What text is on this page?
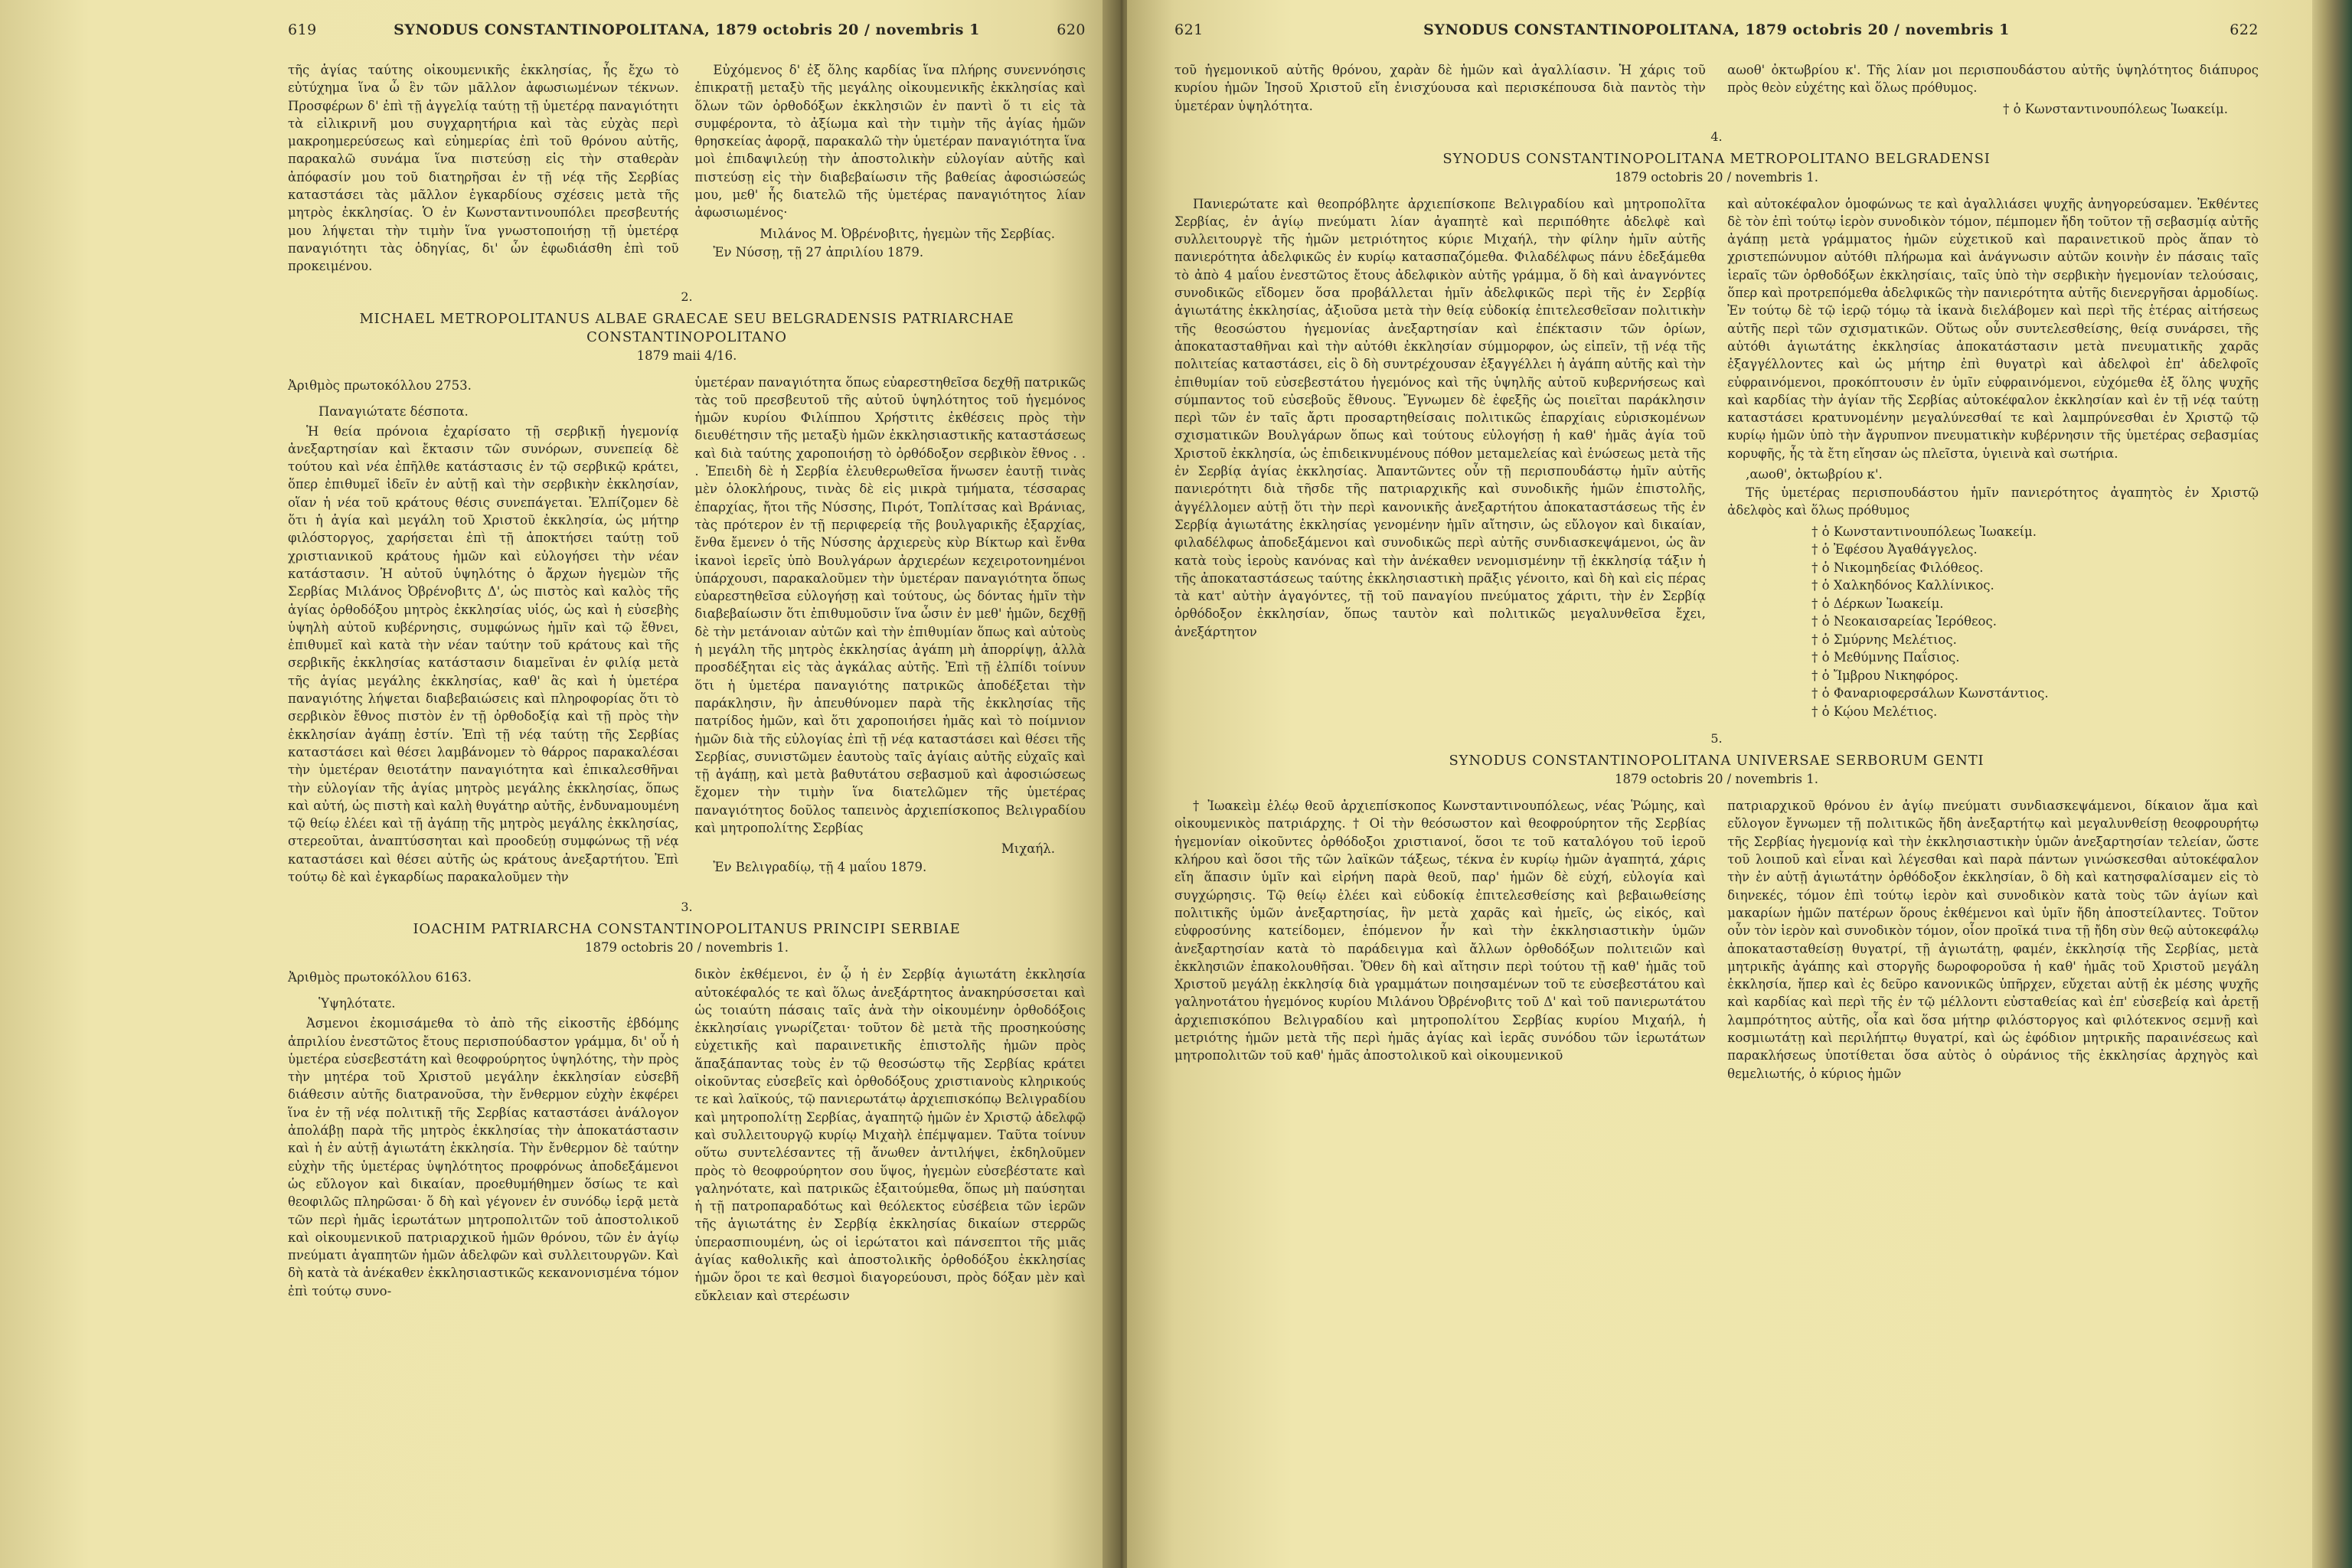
619	SYNODUS CONSTANTINOPOLITANA, 1879 octobris 20 / novembris 1	620

τῆς ἁγίας ταύτης οἰκουμενικῆς ἐκκλησίας, ἧς ἔχω τὸ εὐτύχημα ἵνα ὦ ἓν τῶν μᾶλλον ἀφωσιωμένων τέκνων. Προσφέρων δ' ἐπὶ τῇ ἀγγελίᾳ ταύτῃ τῇ ὑμετέρᾳ παναγιότητι τὰ εἰλικρινῆ μου συγχαρητήρια καὶ τὰς εὐχὰς περὶ μακροημερεύσεως καὶ εὐημερίας ἐπὶ τοῦ θρόνου αὐτῆς, παρακαλῶ συνάμα ἵνα πιστεύσῃ εἰς τὴν σταθερὰν ἀπόφασίν μου τοῦ διατηρῆσαι ἐν τῇ νέᾳ τῆς Σερβίας καταστάσει τὰς μᾶλλον ἐγκαρδίους σχέσεις μετὰ τῆς μητρὸς ἐκκλησίας. Ὁ ἐν Κωνσταντινουπόλει πρεσβευτής μου λήψεται τὴν τιμὴν ἵνα γνωστοποιήσῃ τῇ ὑμετέρᾳ παναγιότητι τὰς ὁδηγίας, δι' ὧν ἐφωδιάσθη ἐπὶ τοῦ προκειμένου.

Εὐχόμενος δ' ἐξ ὅλης καρδίας ἵνα πλήρης συνεννόησις ἐπικρατῇ μεταξὺ τῆς μεγάλης οἰκουμενικῆς ἐκκλησίας καὶ ὅλων τῶν ὀρθοδόξων ἐκκλησιῶν ἐν παντὶ ὅ τι εἰς τὰ συμφέροντα, τὸ ἀξίωμα καὶ τὴν τιμὴν τῆς ἁγίας ἡμῶν θρησκείας ἀφορᾷ, παρακαλῶ τὴν ὑμετέραν παναγιότητα ἵνα μοὶ ἐπιδαψιλεύῃ τὴν ἀποστολικὴν εὐλογίαν αὐτῆς καὶ πιστεύσῃ εἰς τὴν διαβεβαίωσιν τῆς βαθείας ἀφοσιώσεώς μου, μεθ' ἧς διατελῶ τῆς ὑμετέρας παναγιότητος λίαν ἀφωσιωμένος·

Μιλάνος Μ. Ὀβρένοβιτς, ἡγεμὼν τῆς Σερβίας.

Ἐν Νύσσῃ, τῇ 27 ἀπριλίου 1879.

2.
MICHAEL METROPOLITANUS ALBAE GRAECAE SEU BELGRADENSIS PATRIARCHAE CONSTANTINOPOLITANO
1879 maii 4/16.

Ἀριθμὸς πρωτοκόλλου 2753.

Παναγιώτατε δέσποτα.

Ἡ θεία πρόνοια ἐχαρίσατο τῇ σερβικῇ ἡγεμονίᾳ ἀνεξαρτησίαν καὶ ἔκτασιν τῶν συνόρων, συνεπείᾳ δὲ τούτου καὶ νέα ἐπῆλθε κατάστασις ἐν τῷ σερβικῷ κράτει, ὅπερ ἐπιθυμεῖ ἰδεῖν ἐν αὐτῇ καὶ τὴν σερβικὴν ἐκκλησίαν, οἵαν ἡ νέα τοῦ κράτους θέσις συνεπάγεται. Ἐλπίζομεν δὲ ὅτι ἡ ἁγία καὶ μεγάλη τοῦ Χριστοῦ ἐκκλησία, ὡς μήτηρ φιλόστοργος, χαρήσεται ἐπὶ τῇ ἀποκτήσει ταύτῃ τοῦ χριστιανικοῦ κράτους ἡμῶν καὶ εὐλογήσει τὴν νέαν κατάστασιν. Ἡ αὐτοῦ ὑψηλότης ὁ ἄρχων ἡγεμὼν τῆς Σερβίας Μιλάνος Ὀβρένοβιτς Δ', ὡς πιστὸς καὶ καλὸς τῆς ἁγίας ὀρθοδόξου μητρὸς ἐκκλησίας υἱός, ὡς καὶ ἡ εὐσεβὴς ὑψηλὴ αὐτοῦ κυβέρνησις, συμφώνως ἡμῖν καὶ τῷ ἔθνει, ἐπιθυμεῖ καὶ κατὰ τὴν νέαν ταύτην τοῦ κράτους καὶ τῆς σερβικῆς ἐκκλησίας κατάστασιν διαμεῖναι ἐν φιλίᾳ μετὰ τῆς ἁγίας μεγάλης ἐκκλησίας, καθ' ἃς καὶ ἡ ὑμετέρα παναγιότης λήψεται διαβεβαιώσεις καὶ πληροφορίας ὅτι τὸ σερβικὸν ἔθνος πιστὸν ἐν τῇ ὀρθοδοξίᾳ καὶ τῇ πρὸς τὴν ἐκκλησίαν ἀγάπῃ ἐστίν. Ἐπὶ τῇ νέᾳ ταύτῃ τῆς Σερβίας καταστάσει καὶ θέσει λαμβάνομεν τὸ θάρρος παρακαλέσαι τὴν ὑμετέραν θειοτάτην παναγιότητα καὶ ἐπικαλεσθῆναι τὴν εὐλογίαν τῆς ἁγίας μητρὸς μεγάλης ἐκκλησίας, ὅπως καὶ αὐτή, ὡς πιστὴ καὶ καλὴ θυγάτηρ αὐτῆς, ἐνδυναμουμένη τῷ θείῳ ἐλέει καὶ τῇ ἀγάπῃ τῆς μητρὸς μεγάλης ἐκκλησίας, στερεοῦται, ἀναπτύσσηται καὶ προοδεύῃ συμφώνως τῇ νέᾳ καταστάσει καὶ θέσει αὐτῆς ὡς κράτους ἀνεξαρτήτου. Ἐπὶ τούτῳ δὲ καὶ ἐγκαρδίως παρακαλοῦμεν τὴν

ὑμετέραν παναγιότητα ὅπως εὐαρεστηθεῖσα δεχθῇ πατρικῶς τὰς τοῦ πρεσβευτοῦ τῆς αὐτοῦ ὑψηλότητος τοῦ ἡγεμόνος ἡμῶν κυρίου Φιλίππου Χρήστιτς ἐκθέσεις πρὸς τὴν διευθέτησιν τῆς μεταξὺ ἡμῶν ἐκκλησιαστικῆς καταστάσεως καὶ διὰ ταύτης χαροποιήσῃ τὸ ὀρθόδοξον σερβικὸν ἔθνος . . . Ἐπειδὴ δὲ ἡ Σερβία ἐλευθερωθεῖσα ἥνωσεν ἑαυτῇ τινὰς μὲν ὁλοκλήρους, τινὰς δὲ εἰς μικρὰ τμήματα, τέσσαρας ἐπαρχίας, ἤτοι τῆς Νύσσης, Πιρότ, Τοπλίτσας καὶ Βράνιας, τὰς πρότερον ἐν τῇ περιφερείᾳ τῆς βουλγαρικῆς ἐξαρχίας, ἔνθα ἔμενεν ὁ τῆς Νύσσης ἀρχιερεὺς κὺρ Βίκτωρ καὶ ἔνθα ἱκανοὶ ἱερεῖς ὑπὸ Βουλγάρων ἀρχιερέων κεχειροτονημένοι ὑπάρχουσι, παρακαλοῦμεν τὴν ὑμετέραν παναγιότητα ὅπως εὐαρεστηθεῖσα εὐλογήσῃ καὶ τούτους, ὡς δόντας ἡμῖν τὴν διαβεβαίωσιν ὅτι ἐπιθυμοῦσιν ἵνα ὦσιν ἐν μεθ' ἡμῶν, δεχθῇ δὲ τὴν μετάνοιαν αὐτῶν καὶ τὴν ἐπιθυμίαν ὅπως καὶ αὐτοὺς ἡ μεγάλη τῆς μητρὸς ἐκκλησίας ἀγάπη μὴ ἀπορρίψῃ, ἀλλὰ προσδέξηται εἰς τὰς ἀγκάλας αὐτῆς. Ἐπὶ τῇ ἐλπίδι τοίνυν ὅτι ἡ ὑμετέρα παναγιότης πατρικῶς ἀποδέξεται τὴν παράκλησιν, ἣν ἀπευθύνομεν παρὰ τῆς ἐκκλησίας τῆς πατρίδος ἡμῶν, καὶ ὅτι χαροποιήσει ἡμᾶς καὶ τὸ ποίμνιον ἡμῶν διὰ τῆς εὐλογίας ἐπὶ τῇ νέᾳ καταστάσει καὶ θέσει τῆς Σερβίας, συνιστῶμεν ἑαυτοὺς ταῖς ἁγίαις αὐτῆς εὐχαῖς καὶ τῇ ἀγάπῃ, καὶ μετὰ βαθυτάτου σεβασμοῦ καὶ ἀφοσιώσεως ἔχομεν τὴν τιμὴν ἵνα διατελῶμεν τῆς ὑμετέρας παναγιότητος δοῦλος ταπεινὸς ἀρχιεπίσκοπος Βελιγραδίου καὶ μητροπολίτης Σερβίας

Μιχαήλ.

Ἐν Βελιγραδίῳ, τῇ 4 μαΐου 1879.

3.
IOACHIM PATRIARCHA CONSTANTINOPOLITANUS PRINCIPI SERBIAE
1879 octobris 20 / novembris 1.

Ἀριθμὸς πρωτοκόλλου 6163.

Ὑψηλότατε.

Ἀσμενοι ἐκομισάμεθα τὸ ἀπὸ τῆς εἰκοστῆς ἑβδόμης ἀπριλίου ἐνεστῶτος ἔτους περισπούδαστον γράμμα, δι' οὗ ἡ ὑμετέρα εὐσεβεστάτη καὶ θεοφρούρητος ὑψηλότης, τὴν πρὸς τὴν μητέρα τοῦ Χριστοῦ μεγάλην ἐκκλησίαν εὐσεβῆ διάθεσιν αὐτῆς διατρανοῦσα, τὴν ἔνθερμον εὐχὴν ἐκφέρει ἵνα ἐν τῇ νέᾳ πολιτικῇ τῆς Σερβίας καταστάσει ἀνάλογον ἀπολάβῃ παρὰ τῆς μητρὸς ἐκκλησίας τὴν ἀποκατάστασιν καὶ ἡ ἐν αὐτῇ ἁγιωτάτη ἐκκλησία. Τὴν ἔνθερμον δὲ ταύτην εὐχὴν τῆς ὑμετέρας ὑψηλότητος προφρόνως ἀποδεξάμενοι ὡς εὔλογον καὶ δικαίαν, προεθυμήθημεν ὅσίως τε καὶ θεοφιλῶς πληρῶσαι· ὅ δὴ καὶ γέγονεν ἐν συνόδῳ ἱερᾷ μετὰ τῶν περὶ ἡμᾶς ἱερωτάτων μητροπολιτῶν τοῦ ἀποστολικοῦ καὶ οἰκουμενικοῦ πατριαρχικοῦ ἡμῶν θρόνου, τῶν ἐν ἁγίῳ πνεύματι ἀγαπητῶν ἡμῶν ἀδελφῶν καὶ συλλειτουργῶν. Καὶ δὴ κατὰ τὰ ἀνέκαθεν ἐκκλησιαστικῶς κεκανονισμένα τόμον ἐπὶ τούτῳ συνο-

δικὸν ἐκθέμενοι, ἐν ᾧ ἡ ἐν Σερβίᾳ ἁγιωτάτη ἐκκλησία αὐτοκέφαλός τε καὶ ὅλως ἀνεξάρτητος ἀνακηρύσσεται καὶ ὡς τοιαύτη πάσαις ταῖς ἀνὰ τὴν οἰκουμένην ὀρθοδόξοις ἐκκλησίαις γνωρίζεται· τοῦτον δὲ μετὰ τῆς προσηκούσης εὐχετικῆς καὶ παραινετικῆς ἐπιστολῆς ἡμῶν πρὸς ἅπαξάπαντας τοὺς ἐν τῷ θεοσώστῳ τῆς Σερβίας κράτει οἰκοῦντας εὐσεβεῖς καὶ ὀρθοδόξους χριστιανοὺς κληρικούς τε καὶ λαϊκούς, τῷ πανιερωτάτῳ ἀρχιεπισκόπῳ Βελιγραδίου καὶ μητροπολίτῃ Σερβίας, ἀγαπητῷ ἡμῶν ἐν Χριστῷ ἀδελφῷ καὶ συλλειτουργῷ κυρίῳ Μιχαὴλ ἐπέμψαμεν. Ταῦτα τοίνυν οὕτω συντελέσαντες τῇ ἄνωθεν ἀντιλήψει, ἐκδηλοῦμεν πρὸς τὸ θεοφρούρητον σου ὕψος, ἡγεμὼν εὐσεβέστατε καὶ γαληνότατε, καὶ πατρικῶς ἐξαιτούμεθα, ὅπως μὴ παύσηται ἡ τῇ πατροπαραδότως καὶ θεόλεκτος εὐσέβεια τῶν ἱερῶν τῆς ἁγιωτάτης ἐν Σερβίᾳ ἐκκλησίας δικαίων στερρῶς ὑπερασπιουμένη, ὡς οἱ ἱερώτατοι καὶ πάνσεπτοι τῆς μιᾶς ἁγίας καθολικῆς καὶ ἀποστολικῆς ὀρθοδόξου ἐκκλησίας ἡμῶν ὅροι τε καὶ θεσμοὶ διαγορεύουσι, πρὸς δόξαν μὲν καὶ εὔκλειαν καὶ στερέωσιν

621	SYNODUS CONSTANTINOPOLITANA, 1879 octobris 20 / novembris 1	622

τοῦ ἡγεμονικοῦ αὐτῆς θρόνου, χαρὰν δὲ ἡμῶν καὶ ἀγαλλίασιν. Ἡ χάρις τοῦ κυρίου ἡμῶν Ἰησοῦ Χριστοῦ εἴη ἐνισχύουσα καὶ περισκέπουσα διὰ παντὸς τὴν ὑμετέραν ὑψηλότητα.

αωοθ' ὀκτωβρίου κ'. Τῆς λίαν μοι περισπουδάστου αὐτῆς ὑψηλότητος διάπυρος πρὸς θεὸν εὐχέτης καὶ ὅλως πρόθυμος.

† ὁ Κωνσταντινουπόλεως Ἰωακείμ.

4.
SYNODUS CONSTANTINOPOLITANA METROPOLITANO BELGRADENSI
1879 octobris 20 / novembris 1.

Πανιερώτατε καὶ θεοπρόβλητε ἀρχιεπίσκοπε Βελιγραδίου καὶ μητροπολῖτα Σερβίας, ἐν ἁγίῳ πνεύματι λίαν ἀγαπητὲ καὶ περιπόθητε ἀδελφὲ καὶ συλλειτουργὲ τῆς ἡμῶν μετριότητος κύριε Μιχαήλ, τὴν φίλην ἡμῖν αὐτῆς πανιερότητα ἀδελφικῶς ἐν κυρίῳ κατασπαζόμεθα. Φιλαδέλφως πάνυ ἐδεξάμεθα τὸ ἀπὸ 4 μαΐου ἐνεστῶτος ἔτους ἀδελφικὸν αὐτῆς γράμμα, ὅ δὴ καὶ ἀναγνόντες συνοδικῶς εἴδομεν ὅσα προβάλλεται ἡμῖν ἀδελφικῶς περὶ τῆς ἐν Σερβίᾳ ἁγιωτάτης ἐκκλησίας, ἀξιοῦσα μετὰ τὴν θείᾳ εὐδοκίᾳ ἐπιτελεσθεῖσαν πολιτικὴν τῆς θεοσώστου ἡγεμονίας ἀνεξαρτησίαν καὶ ἐπέκτασιν τῶν ὁρίων, ἀποκατασταθῆναι καὶ τὴν αὐτόθι ἐκκλησίαν σύμμορφον, ὡς εἰπεῖν, τῇ νέᾳ τῆς πολιτείας καταστάσει, εἰς ὃ δὴ συντρέχουσαν ἐξαγγέλλει ἡ ἀγάπη αὐτῆς καὶ τὴν ἐπιθυμίαν τοῦ εὐσεβεστάτου ἡγεμόνος καὶ τῆς ὑψηλῆς αὐτοῦ κυβερνήσεως καὶ σύμπαντος τοῦ εὐσεβοῦς ἔθνους. Ἔγνωμεν δὲ ἐφεξῆς ὡς ποιεῖται παράκλησιν περὶ τῶν ἐν ταῖς ἄρτι προσαρτηθείσαις πολιτικῶς ἐπαρχίαις εὑρισκομένων σχισματικῶν Βουλγάρων ὅπως καὶ τούτους εὐλογήσῃ ἡ καθ' ἡμᾶς ἁγία τοῦ Χριστοῦ ἐκκλησία, ὡς ἐπιδεικνυμένους πόθον μεταμελείας καὶ ἑνώσεως μετὰ τῆς ἐν Σερβίᾳ ἁγίας ἐκκλησίας. Ἀπαντῶντες οὖν τῇ περισπουδάστῳ ἡμῖν αὐτῆς πανιερότητι διὰ τῆσδε τῆς πατριαρχικῆς καὶ συνοδικῆς ἡμῶν ἐπιστολῆς, ἀγγέλλομεν αὐτῇ ὅτι τὴν περὶ κανονικῆς ἀνεξαρτήτου ἀποκαταστάσεως τῆς ἐν Σερβίᾳ ἁγιωτάτης ἐκκλησίας γενομένην ἡμῖν αἴτησιν, ὡς εὔλογον καὶ δικαίαν, φιλαδέλφως ἀποδεξάμενοι καὶ συνοδικῶς περὶ αὐτῆς συνδιασκεψάμενοι, ὡς ἂν κατὰ τοὺς ἱεροὺς κανόνας καὶ τὴν ἀνέκαθεν νενομισμένην τῇ ἐκκλησίᾳ τάξιν ἡ τῆς ἀποκαταστάσεως ταύτης ἐκκλησιαστικὴ πρᾶξις γένοιτο, καὶ δὴ καὶ εἰς πέρας τὰ κατ' αὐτὴν ἀγαγόντες, τῇ τοῦ παναγίου πνεύματος χάριτι, τὴν ἐν Σερβίᾳ ὀρθόδοξον ἐκκλησίαν, ὅπως ταυτὸν καὶ πολιτικῶς μεγαλυνθεῖσα ἔχει, ἀνεξάρτητον

καὶ αὐτοκέφαλον ὁμοφώνως τε καὶ ἀγαλλιάσει ψυχῆς ἀνηγορεύσαμεν. Ἐκθέντες δὲ τὸν ἐπὶ τούτῳ ἱερὸν συνοδικὸν τόμον, πέμπομεν ἤδη τοῦτον τῇ σεβασμίᾳ αὐτῆς ἀγάπῃ μετὰ γράμματος ἡμῶν εὐχετικοῦ καὶ παραινετικοῦ πρὸς ἅπαν τὸ χριστεπώνυμον αὐτόθι πλήρωμα καὶ ἀνάγνωσιν αὐτῶν κοινὴν ἐν πάσαις ταῖς ἱεραῖς τῶν ὀρθοδόξων ἐκκλησίαις, ταῖς ὑπὸ τὴν σερβικὴν ἡγεμονίαν τελούσαις, ὅπερ καὶ προτρεπόμεθα ἀδελφικῶς τὴν πανιερότητα αὐτῆς διενεργῆσαι ἀρμοδίως. Ἐν τούτῳ δὲ τῷ ἱερῷ τόμῳ τὰ ἱκανὰ διελάβομεν καὶ περὶ τῆς ἑτέρας αἰτήσεως αὐτῆς περὶ τῶν σχισματικῶν. Οὕτως οὖν συντελεσθείσης, θείᾳ συνάρσει, τῆς αὐτόθι ἁγιωτάτης ἐκκλησίας ἀποκατάστασιν μετὰ πνευματικῆς χαρᾶς ἐξαγγέλλοντες καὶ ὡς μήτηρ ἐπὶ θυγατρὶ καὶ ἀδελφοὶ ἐπ' ἀδελφοῖς εὐφραινόμενοι, προκόπτουσιν ἐν ὑμῖν εὐφραινόμενοι, εὐχόμεθα ἐξ ὅλης ψυχῆς καὶ καρδίας τὴν ἁγίαν τῆς Σερβίας αὐτοκέφαλον ἐκκλησίαν καὶ ἐν τῇ νέᾳ ταύτῃ καταστάσει κρατυνομένην μεγαλύνεσθαί τε καὶ λαμπρύνεσθαι ἐν Χριστῷ τῷ κυρίῳ ἡμῶν ὑπὸ τὴν ἄγρυπνον πνευματικὴν κυβέρνησιν τῆς ὑμετέρας σεβασμίας κορυφῆς, ἧς τὰ ἔτη εἴησαν ὡς πλεῖστα, ὑγιεινὰ καὶ σωτήρια.

,αωοθ', ὀκτωβρίου κ'.

Τῆς ὑμετέρας περισπουδάστου ἡμῖν πανιερότητος ἀγαπητὸς ἐν Χριστῷ ἀδελφὸς καὶ ὅλως πρόθυμος

† ὁ Κωνσταντινουπόλεως Ἰωακείμ.

† ὁ Ἐφέσου Ἀγαθάγγελος.

† ὁ Νικομηδείας Φιλόθεος.

† ὁ Χαλκηδόνος Καλλίνικος.

† ὁ Δέρκων Ἰωακείμ.

† ὁ Νεοκαισαρείας Ἱερόθεος.

† ὁ Σμύρνης Μελέτιος.

† ὁ Μεθύμνης Παΐσιος.

† ὁ Ἴμβρου Νικηφόρος.

† ὁ Φαναριοφερσάλων Κωνστάντιος.

† ὁ Κῴου Μελέτιος.

5.
SYNODUS CONSTANTINOPOLITANA UNIVERSAE SERBORUM GENTI
1879 octobris 20 / novembris 1.

† Ἰωακεὶμ ἐλέῳ θεοῦ ἀρχιεπίσκοπος Κωνσταντινουπόλεως, νέας Ῥώμης, καὶ οἰκουμενικὸς πατριάρχης. † Οἱ τὴν θεόσωστον καὶ θεοφρούρητον τῆς Σερβίας ἡγεμονίαν οἰκοῦντες ὀρθόδοξοι χριστιανοί, ὅσοι τε τοῦ καταλόγου τοῦ ἱεροῦ κλήρου καὶ ὅσοι τῆς τῶν λαϊκῶν τάξεως, τέκνα ἐν κυρίῳ ἡμῶν ἀγαπητά, χάρις εἴη ἅπασιν ὑμῖν καὶ εἰρήνη παρὰ θεοῦ, παρ' ἡμῶν δὲ εὐχή, εὐλογία καὶ συγχώρησις. Τῷ θείῳ ἐλέει καὶ εὐδοκίᾳ ἐπιτελεσθείσης καὶ βεβαιωθείσης πολιτικῆς ὑμῶν ἀνεξαρτησίας, ἣν μετὰ χαρᾶς καὶ ἡμεῖς, ὡς εἰκός, καὶ εὐφροσύνης κατείδομεν, ἐπόμενον ἦν καὶ τὴν ἐκκλησιαστικὴν ὑμῶν ἀνεξαρτησίαν κατὰ τὸ παράδειγμα καὶ ἄλλων ὀρθοδόξων πολιτειῶν καὶ ἐκκλησιῶν ἐπακολουθῆσαι. Ὅθεν δὴ καὶ αἴτησιν περὶ τούτου τῇ καθ' ἡμᾶς τοῦ Χριστοῦ μεγάλῃ ἐκκλησίᾳ διὰ γραμμάτων ποιησαμένων τοῦ τε εὐσεβεστάτου καὶ γαληνοτάτου ἡγεμόνος κυρίου Μιλάνου Ὀβρένοβιτς τοῦ Δ' καὶ τοῦ πανιερωτάτου ἀρχιεπισκόπου Βελιγραδίου καὶ μητροπολίτου Σερβίας κυρίου Μιχαήλ, ἡ μετριότης ἡμῶν μετὰ τῆς περὶ ἡμᾶς ἁγίας καὶ ἱερᾶς συνόδου τῶν ἱερωτάτων μητροπολιτῶν τοῦ καθ' ἡμᾶς ἀποστολικοῦ καὶ οἰκουμενικοῦ

πατριαρχικοῦ θρόνου ἐν ἁγίῳ πνεύματι συνδιασκεψάμενοι, δίκαιον ἅμα καὶ εὔλογον ἔγνωμεν τῇ πολιτικῶς ἤδη ἀνεξαρτήτῳ καὶ μεγαλυνθείσῃ θεοφρουρήτῳ τῆς Σερβίας ἡγεμονίᾳ καὶ τὴν ἐκκλησιαστικὴν ὑμῶν ἀνεξαρτησίαν τελείαν, ὥστε τοῦ λοιποῦ καὶ εἶναι καὶ λέγεσθαι καὶ παρὰ πάντων γινώσκεσθαι αὐτοκέφαλον τὴν ἐν αὐτῇ ἁγιωτάτην ὀρθόδοξον ἐκκλησίαν, ὃ δὴ καὶ κατησφαλίσαμεν εἰς τὸ διηνεκές, τόμον ἐπὶ τούτῳ ἱερὸν καὶ συνοδικὸν κατὰ τοὺς τῶν ἁγίων καὶ μακαρίων ἡμῶν πατέρων ὅρους ἐκθέμενοι καὶ ὑμῖν ἤδη ἀποστείλαντες. Τοῦτον οὖν τὸν ἱερὸν καὶ συνοδικὸν τόμον, οἷον προῖκά τινα τῇ ἤδη σὺν θεῷ αὐτοκεφάλῳ ἀποκατασταθείσῃ θυγατρί, τῇ ἁγιωτάτῃ, φαμέν, ἐκκλησίᾳ τῆς Σερβίας, μετὰ μητρικῆς ἀγάπης καὶ στοργῆς δωροφοροῦσα ἡ καθ' ἡμᾶς τοῦ Χριστοῦ μεγάλη ἐκκλησία, ἥπερ καὶ ἐς δεῦρο κανονικῶς ὑπῆρχεν, εὔχεται αὐτῇ ἐκ μέσης ψυχῆς καὶ καρδίας καὶ περὶ τῆς ἐν τῷ μέλλοντι εὐσταθείας καὶ ἐπ' εὐσεβείᾳ καὶ ἀρετῇ λαμπρότητος αὐτῆς, οἷα καὶ ὅσα μήτηρ φιλόστοργος καὶ φιλότεκνος σεμνῇ καὶ κοσμιωτάτῃ καὶ περιλήπτῳ θυγατρί, καὶ ὡς ἐφόδιον μητρικῆς παραινέσεως καὶ παρακλήσεως ὑποτίθεται ὅσα αὐτὸς ὁ οὐράνιος τῆς ἐκκλησίας ἀρχηγὸς καὶ θεμελιωτής, ὁ κύριος ἡμῶν
